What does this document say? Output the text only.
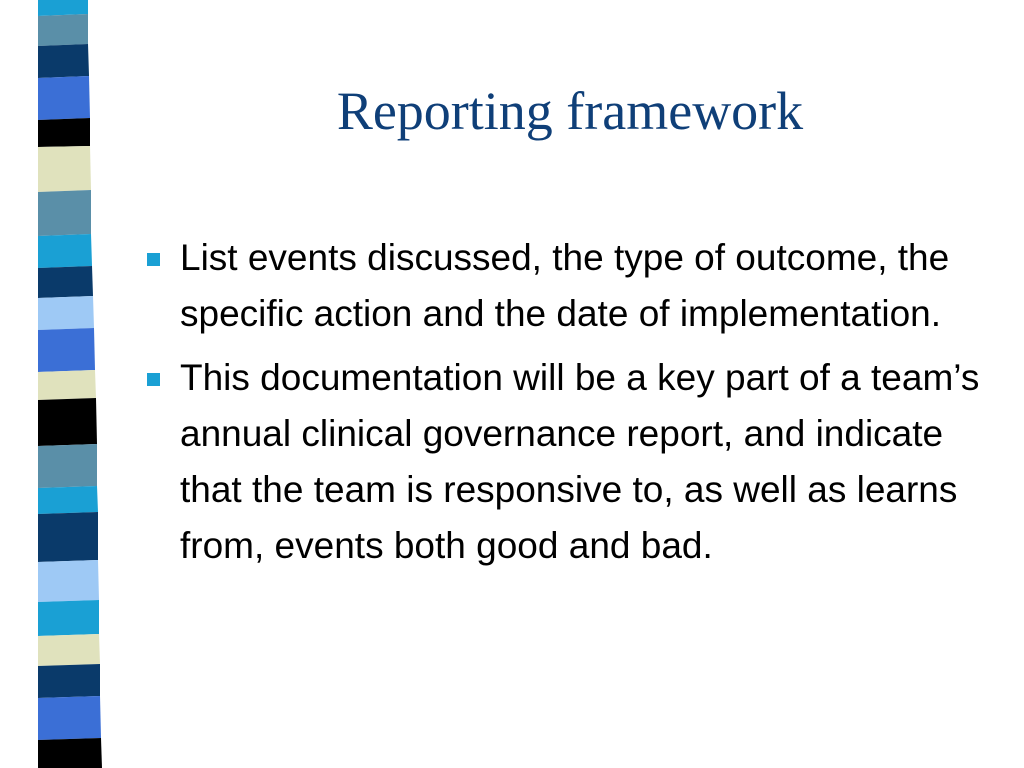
Reporting framework
List events discussed, the type of outcome, the specific action and the date of implementation.
This documentation will be a key part of a team’s annual clinical governance report, and indicate that the team is responsive to, as well as learns from, events both good and bad.
